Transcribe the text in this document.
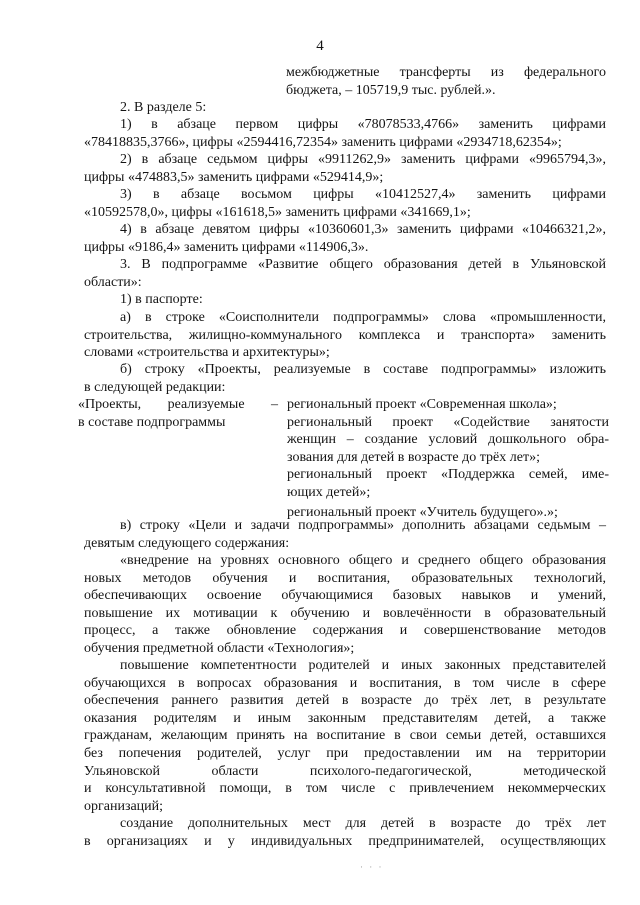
4
межбюджетные трансферты из федерального
бюджета, – 105719,9 тыс. рублей.».
2. В разделе 5:
1) в абзаце первом цифры «78078533,4766» заменить цифрами
«78418835,3766», цифры «2594416,72354» заменить цифрами «2934718,62354»;
2) в абзаце седьмом цифры «9911262,9» заменить цифрами «9965794,3»,
цифры «474883,5» заменить цифрами «529414,9»;
3) в абзаце восьмом цифры «10412527,4» заменить цифрами
«10592578,0», цифры «161618,5» заменить цифрами «341669,1»;
4) в абзаце девятом цифры «10360601,3» заменить цифрами «10466321,2»,
цифры «9186,4» заменить цифрами «114906,3».
3. В подпрограмме «Развитие общего образования детей в Ульяновской
области»:
1) в паспорте:
а) в строке «Соисполнители подпрограммы» слова «промышленности,
строительства, жилищно-коммунального комплекса и транспорта» заменить
словами «строительства и архитектуры»;
б) строку «Проекты, реализуемые в составе подпрограммы» изложить
в следующей редакции:
«Проекты, реализуемые –
в составе подпрограммы
региональный проект «Современная школа»;
региональный проект «Содействие занятости
женщин – создание условий дошкольного обра-
зования для детей в возрасте до трёх лет»;
региональный проект «Поддержка семей, име-
ющих детей»;
региональный проект «Учитель будущего».»;
в) строку «Цели и задачи подпрограммы» дополнить абзацами седьмым –
девятым следующего содержания:
«внедрение на уровнях основного общего и среднего общего образования
новых методов обучения и воспитания, образовательных технологий,
обеспечивающих освоение обучающимися базовых навыков и умений,
повышение их мотивации к обучению и вовлечённости в образовательный
процесс, а также обновление содержания и совершенствование методов
обучения предметной области «Технология»;
повышение компетентности родителей и иных законных представителей
обучающихся в вопросах образования и воспитания, в том числе в сфере
обеспечения раннего развития детей в возрасте до трёх лет, в результате
оказания родителям и иным законным представителям детей, а также
гражданам, желающим принять на воспитание в свои семьи детей, оставшихся
без попечения родителей, услуг при предоставлении им на территории
Ульяновской области психолого-педагогической, методической
и консультативной помощи, в том числе с привлечением некоммерческих
организаций;
создание дополнительных мест для детей в возрасте до трёх лет
в организациях и у индивидуальных предпринимателей, осуществляющих
· · ·
